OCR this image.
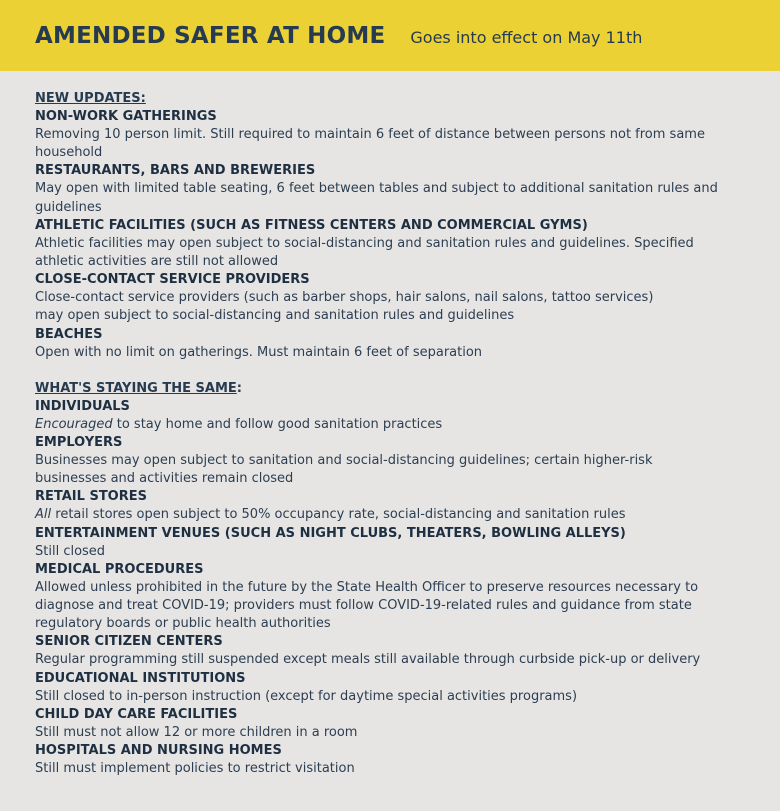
AMENDED SAFER AT HOME Goes into effect on May 11th
NEW UPDATES:
NON-WORK GATHERINGS
Removing 10 person limit. Still required to maintain 6 feet of distance between persons not from same
household
RESTAURANTS, BARS AND BREWERIES
May open with limited table seating, 6 feet between tables and subject to additional sanitation rules and
guidelines
ATHLETIC FACILITIES (SUCH AS FITNESS CENTERS AND COMMERCIAL GYMS)
Athletic facilities may open subject to social-distancing and sanitation rules and guidelines. Specified
athletic activities are still not allowed
CLOSE-CONTACT SERVICE PROVIDERS
Close-contact service providers (such as barber shops, hair salons, nail salons, tattoo services)
may open subject to social-distancing and sanitation rules and guidelines
BEACHES
Open with no limit on gatherings. Must maintain 6 feet of separation
WHAT'S STAYING THE SAME:
INDIVIDUALS
Encouraged to stay home and follow good sanitation practices
EMPLOYERS
Businesses may open subject to sanitation and social-distancing guidelines; certain higher-risk
businesses and activities remain closed
RETAIL STORES
All retail stores open subject to 50% occupancy rate, social-distancing and sanitation rules
ENTERTAINMENT VENUES (SUCH AS NIGHT CLUBS, THEATERS, BOWLING ALLEYS)
Still closed
MEDICAL PROCEDURES
Allowed unless prohibited in the future by the State Health Officer to preserve resources necessary to
diagnose and treat COVID-19; providers must follow COVID-19-related rules and guidance from state
regulatory boards or public health authorities
SENIOR CITIZEN CENTERS
Regular programming still suspended except meals still available through curbside pick-up or delivery
EDUCATIONAL INSTITUTIONS
Still closed to in-person instruction (except for daytime special activities programs)
CHILD DAY CARE FACILITIES
Still must not allow 12 or more children in a room
HOSPITALS AND NURSING HOMES
Still must implement policies to restrict visitation
